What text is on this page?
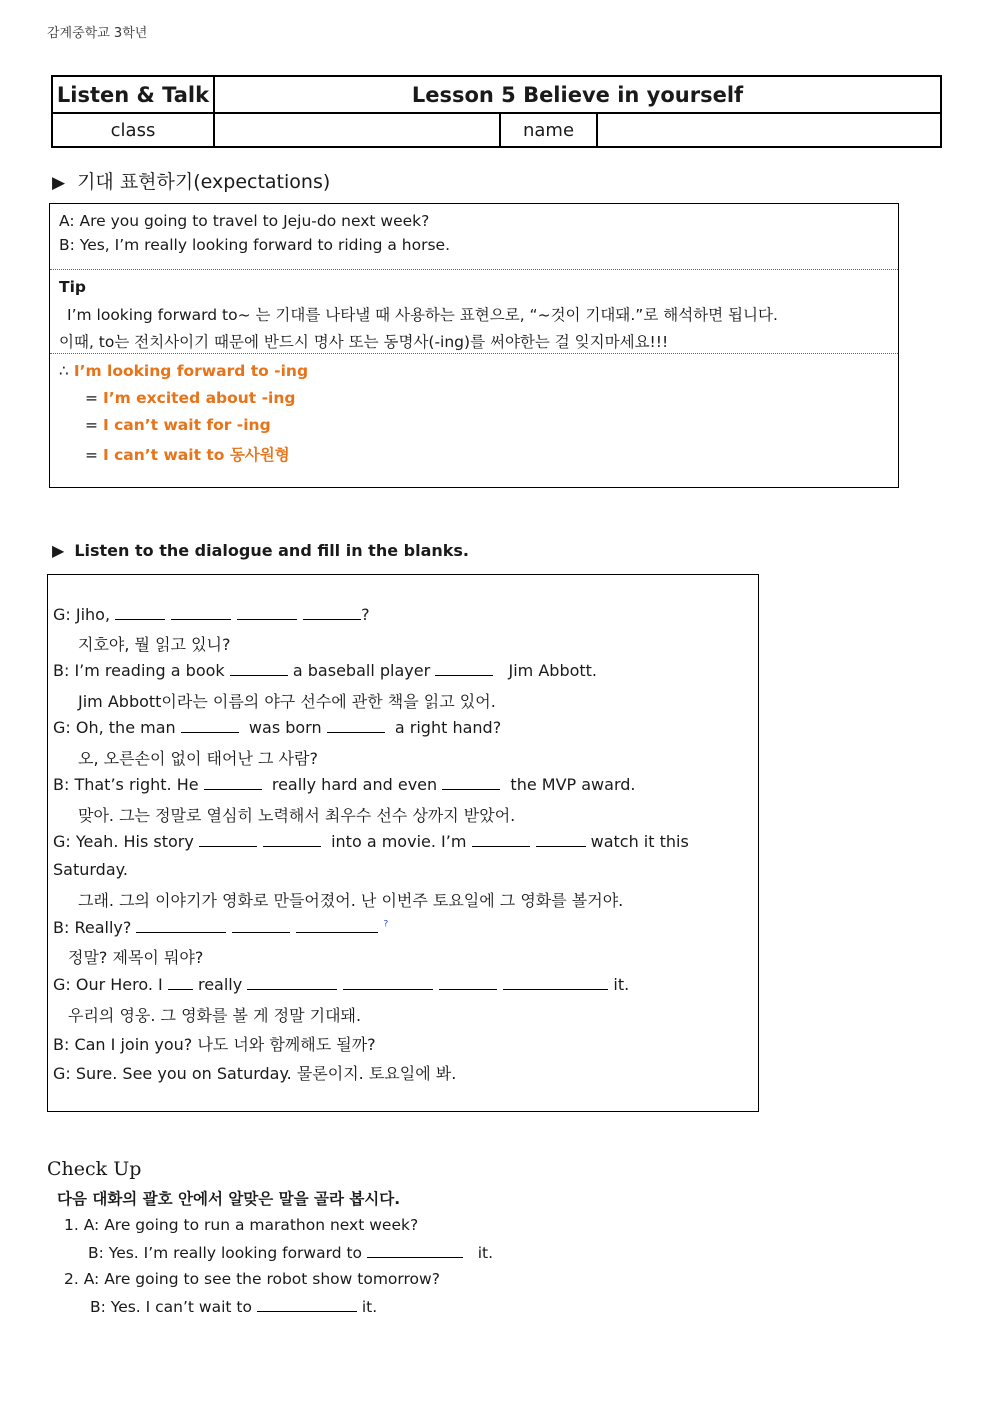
감계중학교 3학년
Listen & Talk	Lesson 5 Believe in yourself		
class		name	
▶ 기대 표현하기(expectations)
A: Are you going to travel to Jeju-do next week?
B: Yes, I’m really looking forward to riding a horse.
Tip
I’m looking forward to~ 는 기대를 나타낼 때 사용하는 표현으로, “~것이 기대돼.”로 해석하면 됩니다.
이때, to는 전치사이기 때문에 반드시 명사 또는 동명사(-ing)를 써야한는 걸 잊지마세요!!!
∴ I’m looking forward to -ing
= I’m excited about -ing
= I can’t wait for -ing
= I can’t wait to 동사원형
▶ Listen to the dialogue and fill in the blanks.
G: Jiho,	?
지호야, 뭘 읽고 있니?
B: I’m reading a book	a baseball player	Jim Abbott.
Jim Abbott이라는 이름의 야구 선수에 관한 책을 읽고 있어.
G: Oh, the man	was born	a right hand?
오, 오른손이 없이 태어난 그 사람?
B: That’s right. He	really hard and even	the MVP award.
맞아. 그는 정말로 열심히 노력해서 최우수 선수 상까지 받았어.
G: Yeah. His story	into a movie. I’m	watch it this
Saturday.
그래. 그의 이야기가 영화로 만들어졌어. 난 이번주 토요일에 그 영화를 볼거야.
B: Really?	?
정말? 제목이 뭐야?
G: Our Hero. I really	it.
우리의 영웅. 그 영화를 볼 게 정말 기대돼.
B: Can I join you? 나도 너와 함께해도 될까?
G: Sure. See you on Saturday. 물론이지. 토요일에 봐.
Check Up
다음 대화의 괄호 안에서 알맞은 말을 골라 봅시다.
1. A: Are going to run a marathon next week?
B: Yes. I’m really looking forward to	it.
2. A: Are going to see the robot show tomorrow?
B: Yes. I can’t wait to	it.
